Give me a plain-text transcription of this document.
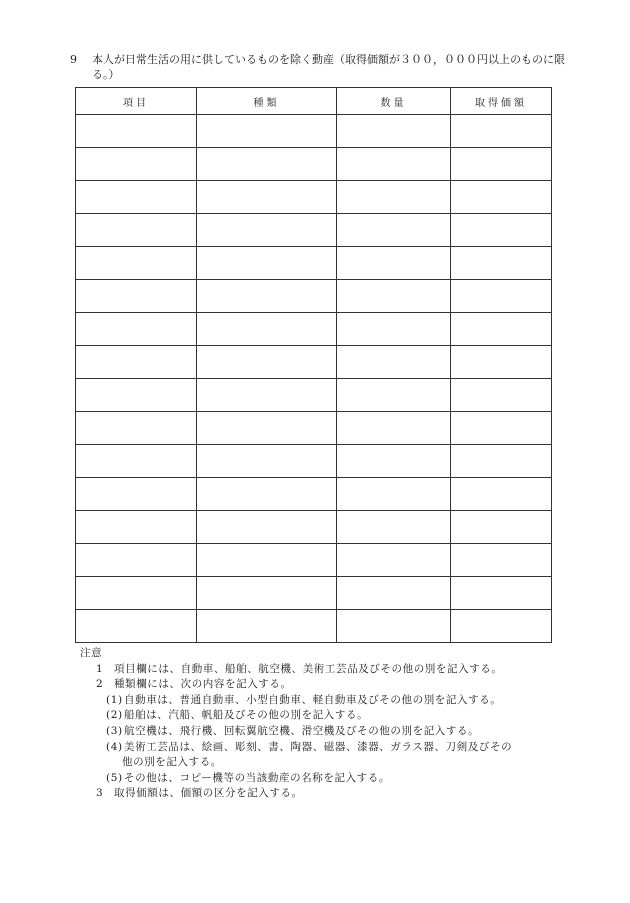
9	本人が日常生活の用に供しているものを除く動産（取得価額が３００，０００円以上のものに限
る。）
項目	種類	数量	取得価額

注意
1 項目欄には、自動車、船舶、航空機、美術工芸品及びその他の別を記入する。
2 種類欄には、次の内容を記入する。
(1)自動車は、普通自動車、小型自動車、軽自動車及びその他の別を記入する。
(2)船舶は、汽船、帆船及びその他の別を記入する。
(3)航空機は、飛行機、回転翼航空機、滑空機及びその他の別を記入する。
(4)美術工芸品は、絵画、彫刻、書、陶器、磁器、漆器、ガラス器、刀剣及びその
他の別を記入する。
(5)その他は、コピー機等の当該動産の名称を記入する。
3 取得価額は、価額の区分を記入する。
